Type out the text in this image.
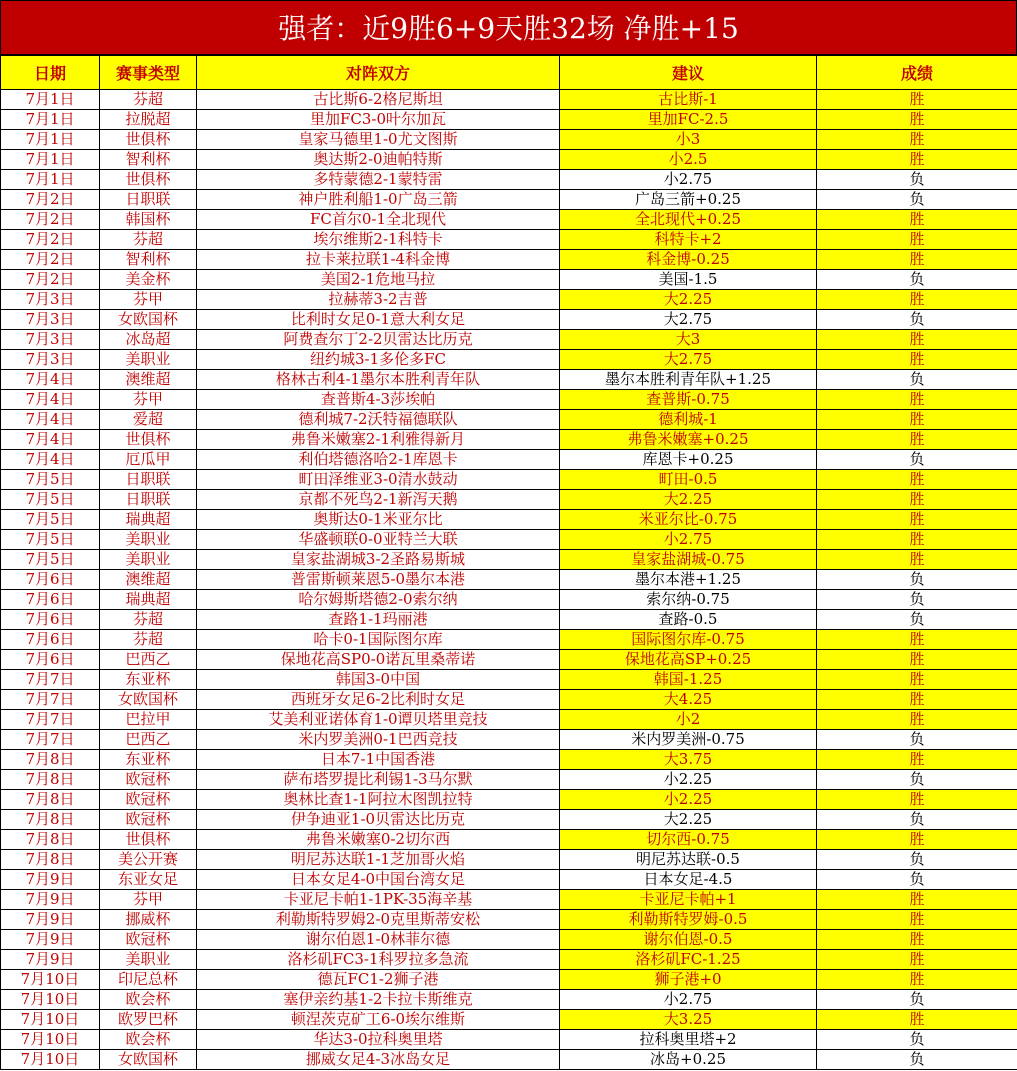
强者：近9胜6+9天胜32场 净胜+15
日期	赛事类型	对阵双方	建议	成绩
7月1日	芬超	古比斯6-2格尼斯坦	古比斯-1	胜
7月1日	拉脱超	里加FC3-0叶尔加瓦	里加FC-2.5	胜
7月1日	世俱杯	皇家马德里1-0尤文图斯	小3	胜
7月1日	智利杯	奥达斯2-0迪帕特斯	小2.5	胜
7月1日	世俱杯	多特蒙德2-1蒙特雷	小2.75	负
7月2日	日职联	神户胜利船1-0广岛三箭	广岛三箭+0.25	负
7月2日	韩国杯	FC首尔0-1全北现代	全北现代+0.25	胜
7月2日	芬超	埃尔维斯2-1科特卡	科特卡+2	胜
7月2日	智利杯	拉卡莱拉联1-4科金博	科金博-0.25	胜
7月2日	美金杯	美国2-1危地马拉	美国-1.5	负
7月3日	芬甲	拉赫蒂3-2吉普	大2.25	胜
7月3日	女欧国杯	比利时女足0-1意大利女足	大2.75	负
7月3日	冰岛超	阿费查尔丁2-2贝雷达比历克	大3	胜
7月3日	美职业	纽约城3-1多伦多FC	大2.75	胜
7月4日	澳维超	格林古利4-1墨尔本胜利青年队	墨尔本胜利青年队+1.25	负
7月4日	芬甲	查普斯4-3莎埃帕	查普斯-0.75	胜
7月4日	爱超	德利城7-2沃特福德联队	德利城-1	胜
7月4日	世俱杯	弗鲁米嫩塞2-1利雅得新月	弗鲁米嫩塞+0.25	胜
7月4日	厄瓜甲	利伯塔德洛哈2-1库恩卡	库恩卡+0.25	负
7月5日	日职联	町田泽维亚3-0清水鼓动	町田-0.5	胜
7月5日	日职联	京都不死鸟2-1新泻天鹅	大2.25	胜
7月5日	瑞典超	奥斯达0-1米亚尔比	米亚尔比-0.75	胜
7月5日	美职业	华盛顿联0-0亚特兰大联	小2.75	胜
7月5日	美职业	皇家盐湖城3-2圣路易斯城	皇家盐湖城-0.75	胜
7月6日	澳维超	普雷斯顿莱恩5-0墨尔本港	墨尔本港+1.25	负
7月6日	瑞典超	哈尔姆斯塔德2-0索尔纳	索尔纳-0.75	负
7月6日	芬超	查路1-1玛丽港	查路-0.5	负
7月6日	芬超	哈卡0-1国际图尔库	国际图尔库-0.75	胜
7月6日	巴西乙	保地花高SP0-0诺瓦里桑蒂诺	保地花高SP+0.25	胜
7月7日	东亚杯	韩国3-0中国	韩国-1.25	胜
7月7日	女欧国杯	西班牙女足6-2比利时女足	大4.25	胜
7月7日	巴拉甲	艾美利亚诺体育1-0谭贝塔里竞技	小2	胜
7月7日	巴西乙	米内罗美洲0-1巴西竞技	米内罗美洲-0.75	负
7月8日	东亚杯	日本7-1中国香港	大3.75	胜
7月8日	欧冠杯	萨布塔罗提比利锡1-3马尔默	小2.25	负
7月8日	欧冠杯	奥林比查1-1阿拉木图凯拉特	小2.25	胜
7月8日	欧冠杯	伊争迪亚1-0贝雷达比历克	大2.25	负
7月8日	世俱杯	弗鲁米嫩塞0-2切尔西	切尔西-0.75	胜
7月8日	美公开赛	明尼苏达联1-1芝加哥火焰	明尼苏达联-0.5	负
7月9日	东亚女足	日本女足4-0中国台湾女足	日本女足-4.5	负
7月9日	芬甲	卡亚尼卡帕1-1PK-35海辛基	卡亚尼卡帕+1	胜
7月9日	挪威杯	利勒斯特罗姆2-0克里斯蒂安松	利勒斯特罗姆-0.5	胜
7月9日	欧冠杯	谢尔伯恩1-0林菲尔德	谢尔伯恩-0.5	胜
7月9日	美职业	洛杉矶FC3-1科罗拉多急流	洛杉矶FC-1.25	胜
7月10日	印尼总杯	德瓦FC1-2狮子港	狮子港+0	胜
7月10日	欧会杯	塞伊亲约基1-2卡拉卡斯维克	小2.75	负
7月10日	欧罗巴杯	顿涅茨克矿工6-0埃尔维斯	大3.25	胜
7月10日	欧会杯	华达3-0拉科奥里塔	拉科奥里塔+2	负
7月10日	女欧国杯	挪威女足4-3冰岛女足	冰岛+0.25	负
